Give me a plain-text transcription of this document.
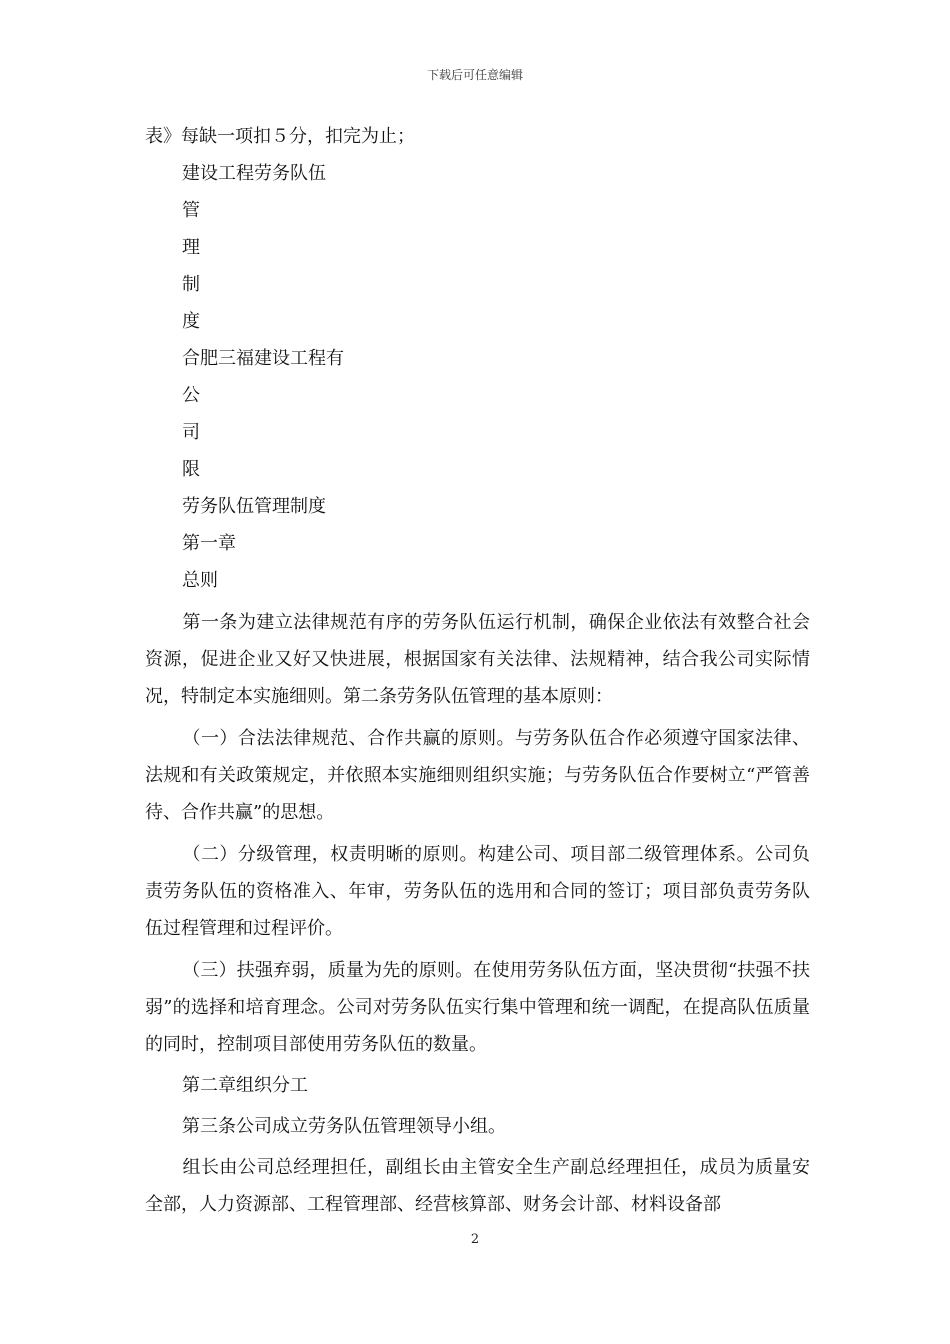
下载后可任意编辑
表》每缺一项扣５分，扣完为止；
建设工程劳务队伍
管
理
制
度
合肥三福建设工程有
公
司
限
劳务队伍管理制度
第一章
总则

第一条为建立法律规范有序的劳务队伍运行机制，确保企业依法有效整合社会资源，促进企业又好又快进展，根据国家有关法律、法规精神，结合我公司实际情况，特制定本实施细则。第二条劳务队伍管理的基本原则：

（一）合法法律规范、合作共赢的原则。与劳务队伍合作必须遵守国家法律、法规和有关政策规定，并依照本实施细则组织实施；与劳务队伍合作要树立“严管善待、合作共赢”的思想。

（二）分级管理，权责明晰的原则。构建公司、项目部二级管理体系。公司负责劳务队伍的资格准入、年审，劳务队伍的选用和合同的签订；项目部负责劳务队伍过程管理和过程评价。

（三）扶强弃弱，质量为先的原则。在使用劳务队伍方面，坚决贯彻“扶强不扶弱”的选择和培育理念。公司对劳务队伍实行集中管理和统一调配，在提高队伍质量的同时，控制项目部使用劳务队伍的数量。

第二章组织分工
第三条公司成立劳务队伍管理领导小组。

组长由公司总经理担任，副组长由主管安全生产副总经理担任，成员为质量安全部，人力资源部、工程管理部、经营核算部、财务会计部、材料设备部

2
